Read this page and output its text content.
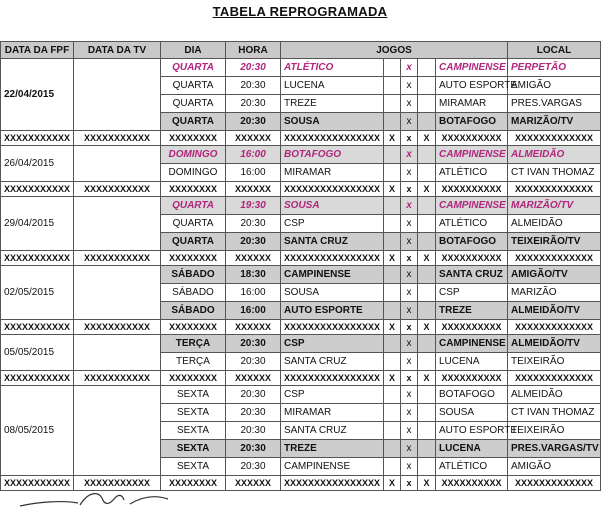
TABELA REPROGRAMADA
DATA DA FPF	DATA DA TV	DIA	HORA	JOGOS					LOCAL
22/04/2015		QUARTA	20:30	ATLÉTICO		x		CAMPINENSE	PERPETÃO
		QUARTA	20:30	LUCENA		x		AUTO ESPORTE	AMIGÃO
		QUARTA	20:30	TREZE		x		MIRAMAR	PRES.VARGAS
		QUARTA	20:30	SOUSA		x		BOTAFOGO	MARIZÃO/TV
XXXXXXXXXXX	XXXXXXXXXXX	XXXXXXXX	XXXXXX	XXXXXXXXXXXXXXXX	X	x	X	XXXXXXXXXX	XXXXXXXXXXXXX
26/04/2015		DOMINGO	16:00	BOTAFOGO		x		CAMPINENSE	ALMEIDÃO
		DOMINGO	16:00	MIRAMAR		x		ATLÉTICO	CT IVAN THOMAZ
XXXXXXXXXXX	XXXXXXXXXXX	XXXXXXXX	XXXXXX	XXXXXXXXXXXXXXXX	X	x	X	XXXXXXXXXX	XXXXXXXXXXXXX
29/04/2015		QUARTA	19:30	SOUSA		x		CAMPINENSE	MARIZÃO/TV
		QUARTA	20:30	CSP		x		ATLÉTICO	ALMEIDÃO
		QUARTA	20:30	SANTA CRUZ		x		BOTAFOGO	TEIXEIRÃO/TV
XXXXXXXXXXX	XXXXXXXXXXX	XXXXXXXX	XXXXXX	XXXXXXXXXXXXXXXX	X	x	X	XXXXXXXXXX	XXXXXXXXXXXXX
02/05/2015		SÁBADO	18:30	CAMPINENSE		x		SANTA CRUZ	AMIGÃO/TV
		SÁBADO	16:00	SOUSA		x		CSP	MARIZÃO
		SÁBADO	16:00	AUTO ESPORTE		x		TREZE	ALMEIDÃO/TV
XXXXXXXXXXX	XXXXXXXXXXX	XXXXXXXX	XXXXXX	XXXXXXXXXXXXXXXX	X	x	X	XXXXXXXXXX	XXXXXXXXXXXXX
05/05/2015		TERÇA	20:30	CSP		x		CAMPINENSE	ALMEIDÃO/TV
		TERÇA	20:30	SANTA CRUZ		x		LUCENA	TEIXEIRÃO
XXXXXXXXXXX	XXXXXXXXXXX	XXXXXXXX	XXXXXX	XXXXXXXXXXXXXXXX	X	x	X	XXXXXXXXXX	XXXXXXXXXXXXX
08/05/2015		SEXTA	20:30	CSP		x		BOTAFOGO	ALMEIDÃO
		SEXTA	20:30	MIRAMAR		x		SOUSA	CT IVAN THOMAZ
		SEXTA	20:30	SANTA CRUZ		x		AUTO ESPORTE	TEIXEIRÃO
		SEXTA	20:30	TREZE		x		LUCENA	PRES.VARGAS/TV
		SEXTA	20:30	CAMPINENSE		x		ATLÉTICO	AMIGÃO
XXXXXXXXXXX	XXXXXXXXXXX	XXXXXXXX	XXXXXX	XXXXXXXXXXXXXXXX	X	x	X	XXXXXXXXXX	XXXXXXXXXXXXX
